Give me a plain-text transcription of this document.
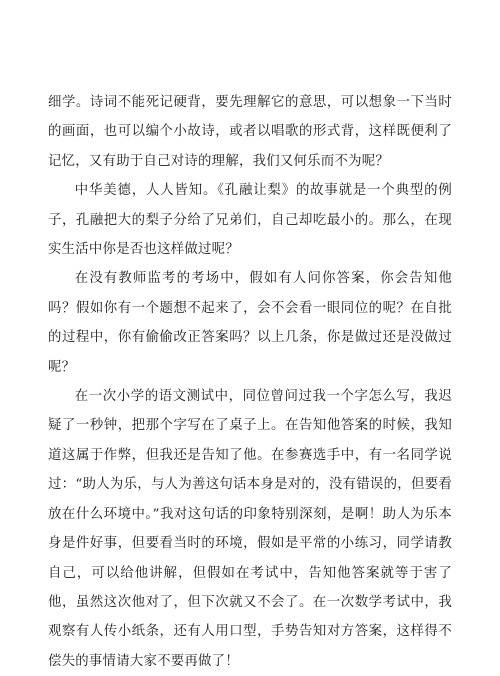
细学。诗词不能死记硬背，要先理解它的意思，可以想象一下当时的画面，也可以编个小故诗，或者以唱歌的形式背，这样既便利了记忆，又有助于自己对诗的理解，我们又何乐而不为呢？

中华美德，人人皆知。《孔融让梨》的故事就是一个典型的例子，孔融把大的梨子分给了兄弟们，自己却吃最小的。那么，在现实生活中你是否也这样做过呢？

在没有教师监考的考场中，假如有人问你答案，你会告知他吗？假如你有一个题想不起来了，会不会看一眼同位的呢？在自批的过程中，你有偷偷改正答案吗？以上几条，你是做过还是没做过呢？

在一次小学的语文测试中，同位曾问过我一个字怎么写，我迟疑了一秒钟，把那个字写在了桌子上。在告知他答案的时候，我知道这属于作弊，但我还是告知了他。在参赛选手中，有一名同学说过：“助人为乐，与人为善这句话本身是对的，没有错误的，但要看放在什么环境中。”我对这句话的印象特别深刻，是啊！助人为乐本身是件好事，但要看当时的环境，假如是平常的小练习，同学请教自己，可以给他讲解，但假如在考试中，告知他答案就等于害了他，虽然这次他对了，但下次就又不会了。在一次数学考试中，我观察有人传小纸条，还有人用口型，手势告知对方答案，这样得不偿失的事情请大家不要再做了！
